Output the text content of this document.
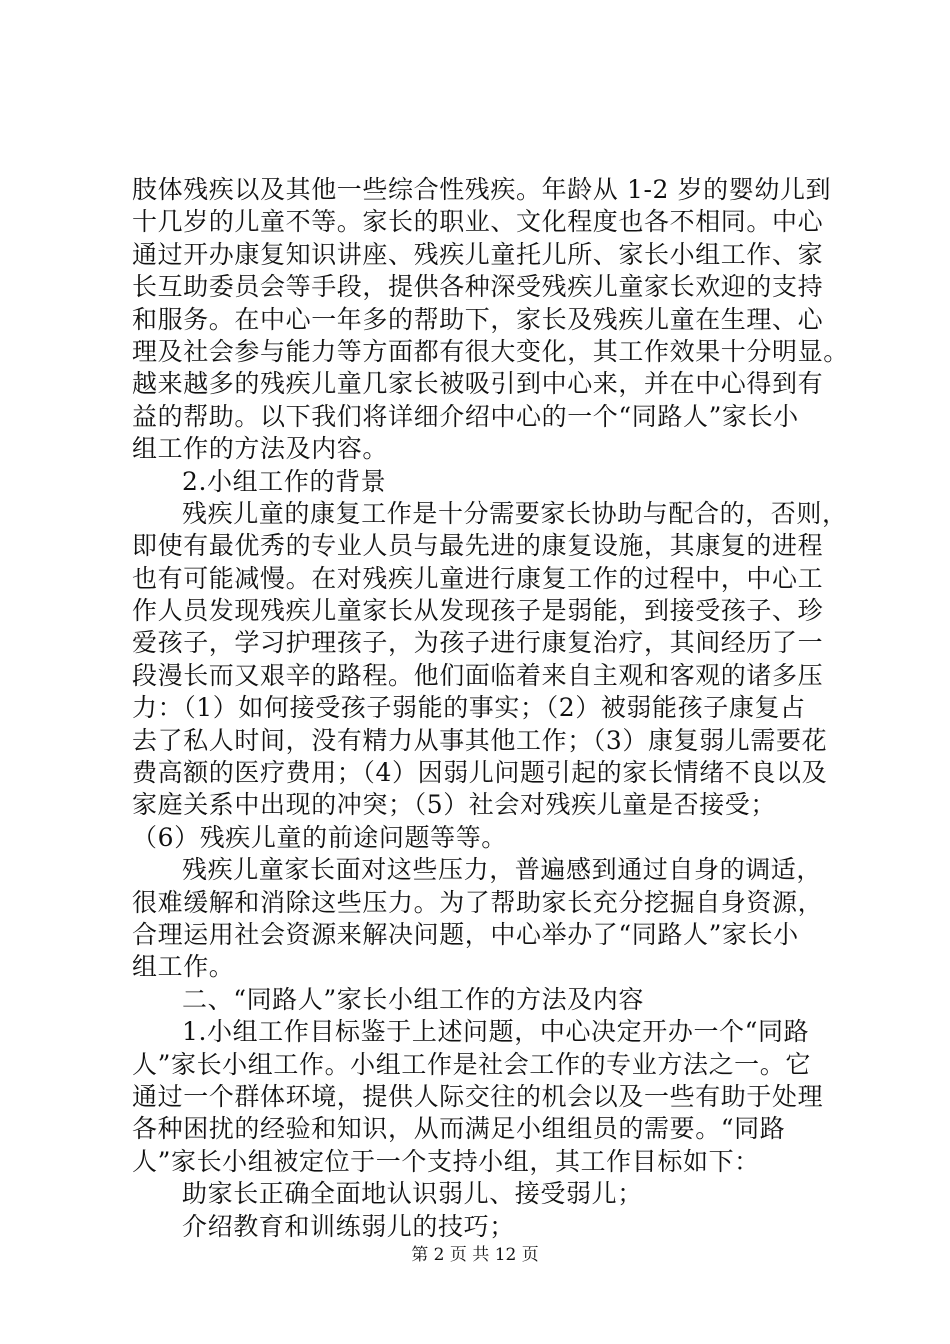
肢体残疾以及其他一些综合性残疾。年龄从 1-2 岁的婴幼儿到
十几岁的儿童不等。家长的职业、文化程度也各不相同。中心
通过开办康复知识讲座、残疾儿童托儿所、家长小组工作、家
长互助委员会等手段，提供各种深受残疾儿童家长欢迎的支持
和服务。在中心一年多的帮助下，家长及残疾儿童在生理、心
理及社会参与能力等方面都有很大变化，其工作效果十分明显。
越来越多的残疾儿童几家长被吸引到中心来，并在中心得到有
益的帮助。以下我们将详细介绍中心的一个“同路人”家长小
组工作的方法及内容。
2.小组工作的背景
残疾儿童的康复工作是十分需要家长协助与配合的，否则，
即使有最优秀的专业人员与最先进的康复设施，其康复的进程
也有可能减慢。在对残疾儿童进行康复工作的过程中，中心工
作人员发现残疾儿童家长从发现孩子是弱能，到接受孩子、珍
爱孩子，学习护理孩子，为孩子进行康复治疗，其间经历了一
段漫长而又艰辛的路程。他们面临着来自主观和客观的诸多压
力：（1）如何接受孩子弱能的事实；（2）被弱能孩子康复占
去了私人时间，没有精力从事其他工作；（3）康复弱儿需要花
费高额的医疗费用；（4）因弱儿问题引起的家长情绪不良以及
家庭关系中出现的冲突；（5）社会对残疾儿童是否接受；
（6）残疾儿童的前途问题等等。
残疾儿童家长面对这些压力，普遍感到通过自身的调适，
很难缓解和消除这些压力。为了帮助家长充分挖掘自身资源，
合理运用社会资源来解决问题，中心举办了“同路人”家长小
组工作。
二、“同路人”家长小组工作的方法及内容
1.小组工作目标鉴于上述问题，中心决定开办一个“同路
人”家长小组工作。小组工作是社会工作的专业方法之一。它
通过一个群体环境，提供人际交往的机会以及一些有助于处理
各种困扰的经验和知识，从而满足小组组员的需要。“同路
人”家长小组被定位于一个支持小组，其工作目标如下：
助家长正确全面地认识弱儿、接受弱儿；
介绍教育和训练弱儿的技巧；
第 2 页 共 12 页
